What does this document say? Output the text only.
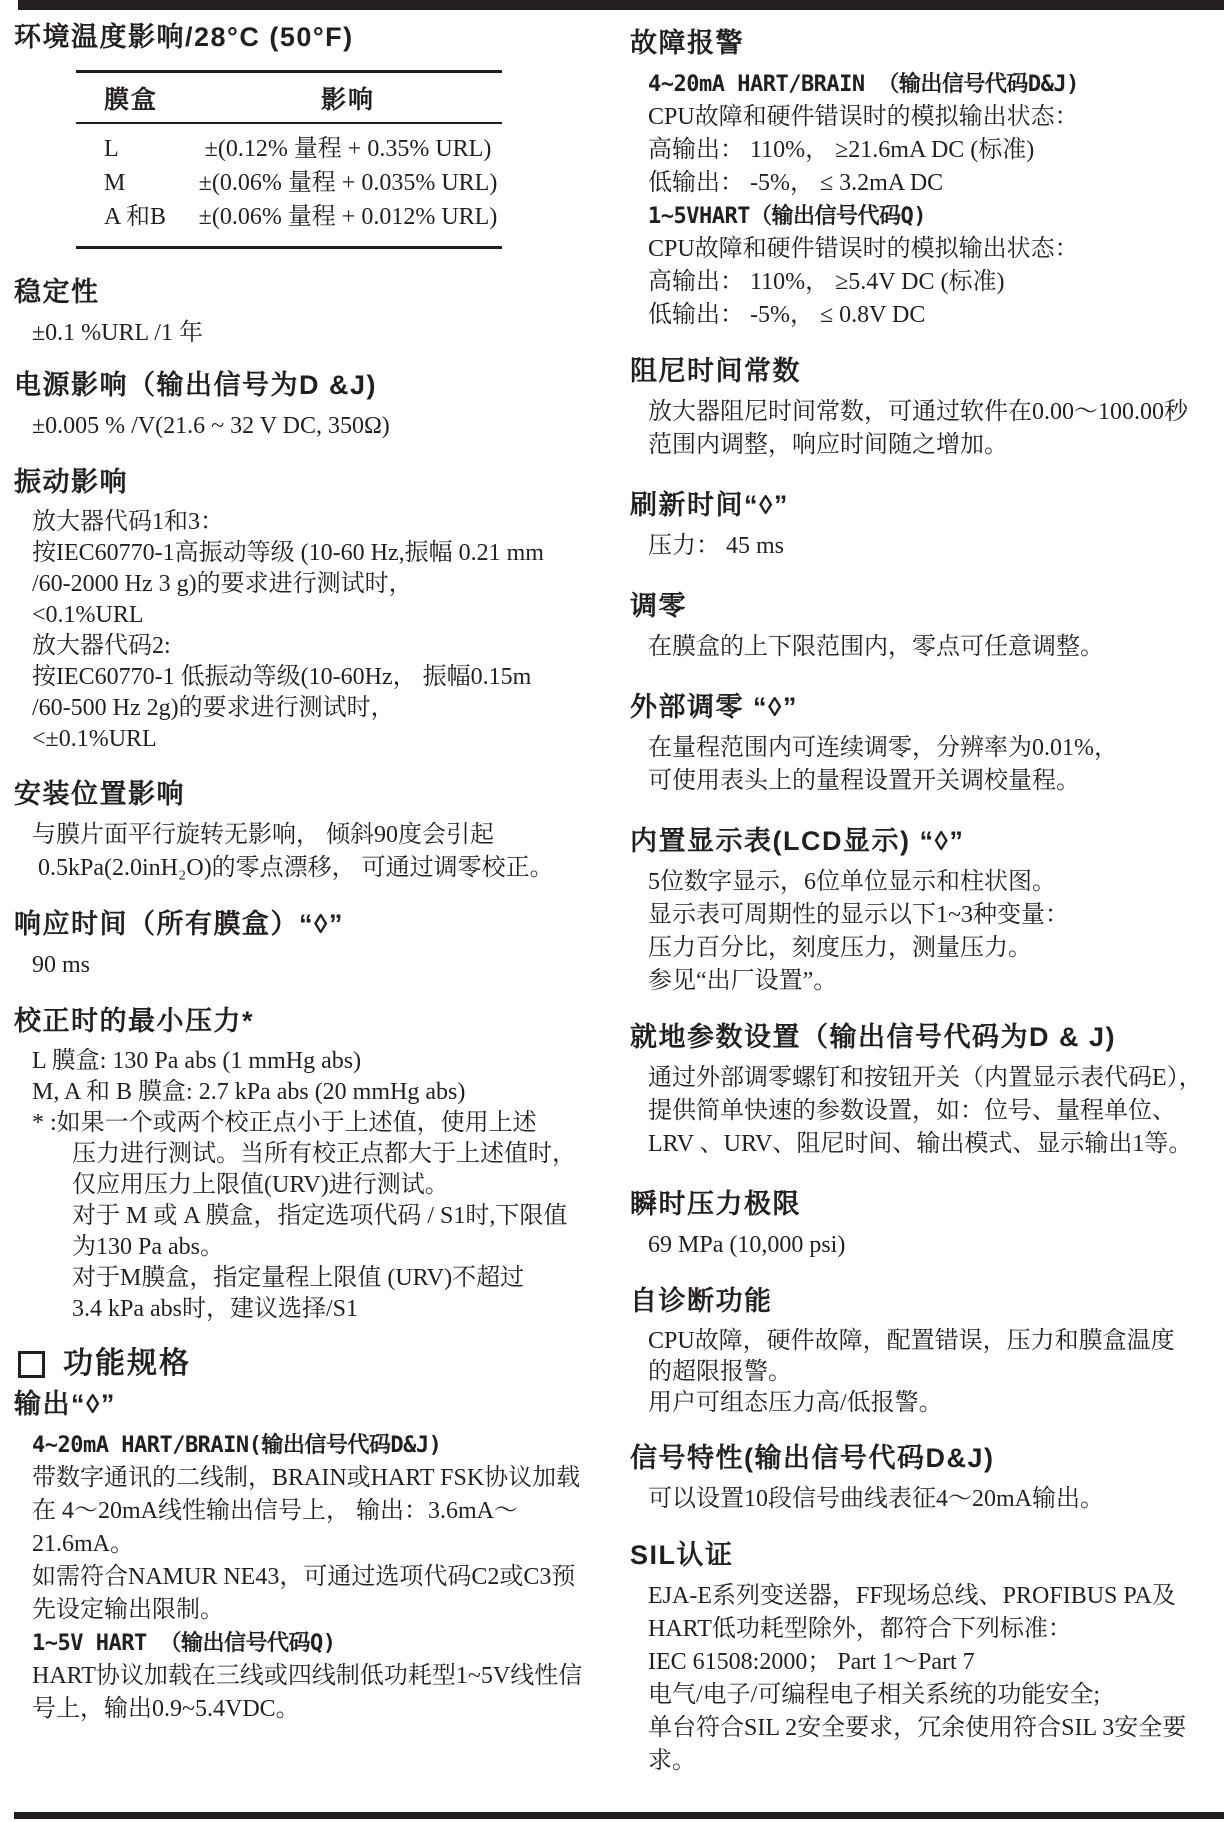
环境温度影响/28°C (50°F)
膜盒	影响
L	±(0.12% 量程 + 0.35% URL)
M	±(0.06% 量程 + 0.035% URL)
A 和B	±(0.06% 量程 + 0.012% URL)
稳定性
±0.1 %URL /1 年
电源影响（输出信号为D &J)
±0.005 % /V(21.6 ~ 32 V DC, 350Ω)
振动影响
放大器代码1和3：
按IEC60770-1高振动等级 (10-60 Hz,振幅 0.21 mm
/60-2000 Hz 3 g)的要求进行测试时，
<0.1%URL
放大器代码2:
按IEC60770-1 低振动等级(10-60Hz， 振幅0.15m
/60-500 Hz 2g)的要求进行测试时，
<±0.1%URL
安装位置影响
与膜片面平行旋转无影响， 倾斜90度会引起
0.5kPa(2.0inH₂O)的零点漂移， 可通过调零校正。
响应时间（所有膜盒）“◊”
90 ms
校正时的最小压力*
L 膜盒: 130 Pa abs (1 mmHg abs)
M, A 和 B 膜盒: 2.7 kPa abs (20 mmHg abs)
* :如果一个或两个校正点小于上述值，使用上述
压力进行测试。当所有校正点都大于上述值时，
仅应用压力上限值(URV)进行测试。
对于 M 或 A 膜盒，指定选项代码 / S1时,下限值
为130 Pa abs。
对于M膜盒，指定量程上限值 (URV)不超过
3.4 kPa abs时，建议选择/S1
功能规格
输出“◊”
4~20mA HART/BRAIN(输出信号代码D&J)
带数字通讯的二线制，BRAIN或HART FSK协议加载
在 4～20mA线性输出信号上， 输出：3.6mA～21.6mA。
如需符合NAMUR NE43，可通过选项代码C2或C3预
先设定输出限制。
1~5V HART （输出信号代码Q)
HART协议加载在三线或四线制低功耗型1~5V线性信
号上，输出0.9~5.4VDC。
故障报警
4~20mA HART/BRAIN （输出信号代码D&J)
CPU故障和硬件错误时的模拟输出状态：
高输出： 110%， ≥21.6mA DC (标准)
低输出： -5%， ≤ 3.2mA DC
1~5VHART（输出信号代码Q)
CPU故障和硬件错误时的模拟输出状态：
高输出： 110%， ≥5.4V DC (标准)
低输出： -5%， ≤ 0.8V DC
阻尼时间常数
放大器阻尼时间常数，可通过软件在0.00～100.00秒
范围内调整，响应时间随之增加。
刷新时间“◊”
压力： 45 ms
调零
在膜盒的上下限范围内，零点可任意调整。
外部调零 “◊”
在量程范围内可连续调零，分辨率为0.01%，
可使用表头上的量程设置开关调校量程。
内置显示表(LCD显示) “◊”
5位数字显示，6位单位显示和柱状图。
显示表可周期性的显示以下1~3种变量：
压力百分比，刻度压力，测量压力。
参见“出厂设置”。
就地参数设置（输出信号代码为D & J)
通过外部调零螺钉和按钮开关（内置显示表代码E），
提供简单快速的参数设置，如：位号、量程单位、
LRV 、URV、阻尼时间、输出模式、显示输出1等。
瞬时压力极限
69 MPa (10,000 psi)
自诊断功能
CPU故障，硬件故障，配置错误，压力和膜盒温度
的超限报警。
用户可组态压力高/低报警。
信号特性(输出信号代码D&J)
可以设置10段信号曲线表征4～20mA输出。
SIL认证
EJA-E系列变送器，FF现场总线、PROFIBUS PA及
HART低功耗型除外，都符合下列标准：
IEC 61508:2000； Part 1～Part 7
电气/电子/可编程电子相关系统的功能安全;
单台符合SIL 2安全要求，冗余使用符合SIL 3安全要求。
